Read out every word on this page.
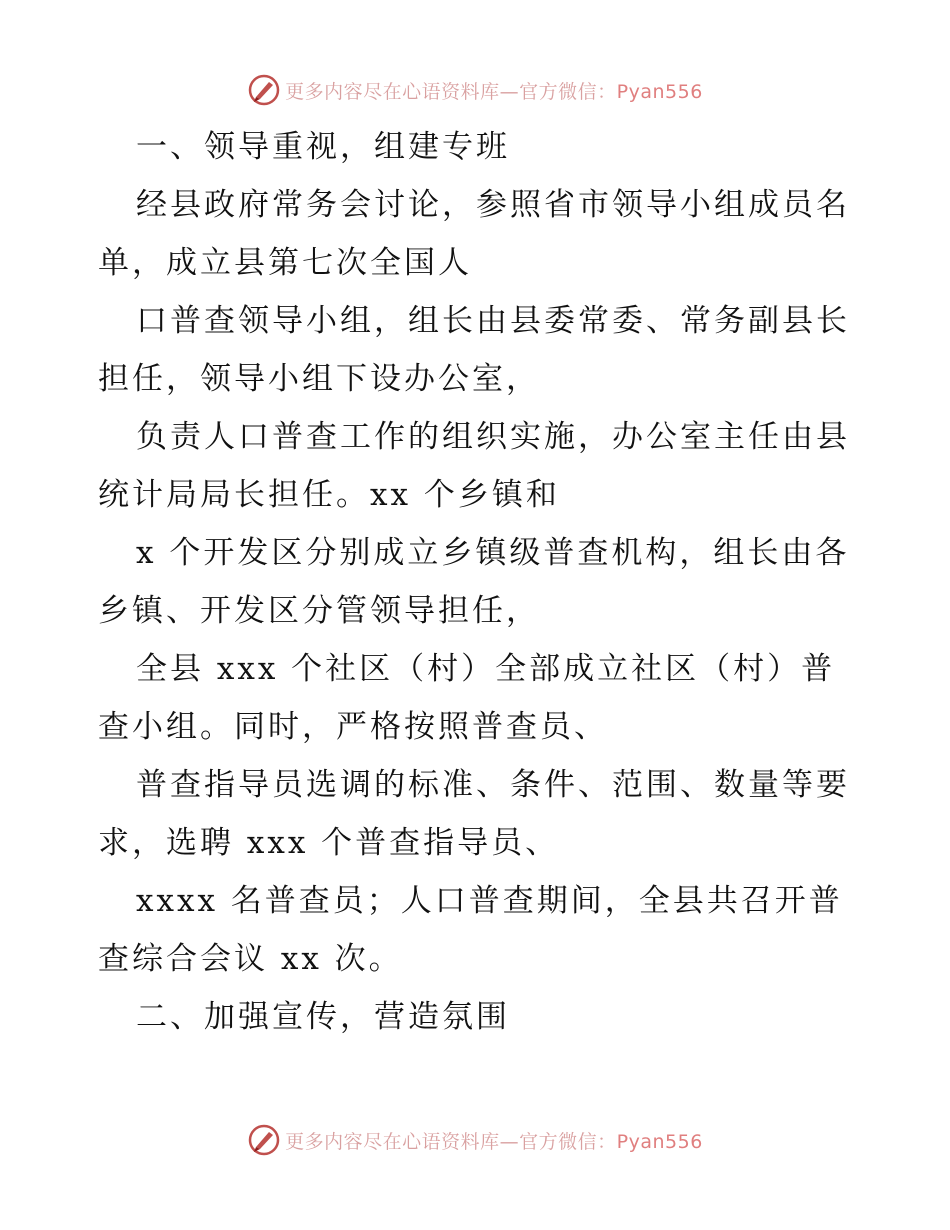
更多内容尽在心语资料库—官方微信：Pyan556

一、领导重视，组建专班

经县政府常务会讨论，参照省市领导小组成员名单，成立县第七次全国人

口普查领导小组，组长由县委常委、常务副县长担任，领导小组下设办公室，

负责人口普查工作的组织实施，办公室主任由县统计局局长担任。xx 个乡镇和

x 个开发区分别成立乡镇级普查机构，组长由各乡镇、开发区分管领导担任，

全县 xxx 个社区（村）全部成立社区（村）普查小组。同时，严格按照普查员、

普查指导员选调的标准、条件、范围、数量等要求，选聘 xxx 个普查指导员、

xxxx 名普查员；人口普查期间，全县共召开普查综合会议 xx 次。

二、加强宣传，营造氛围

更多内容尽在心语资料库—官方微信：Pyan556
